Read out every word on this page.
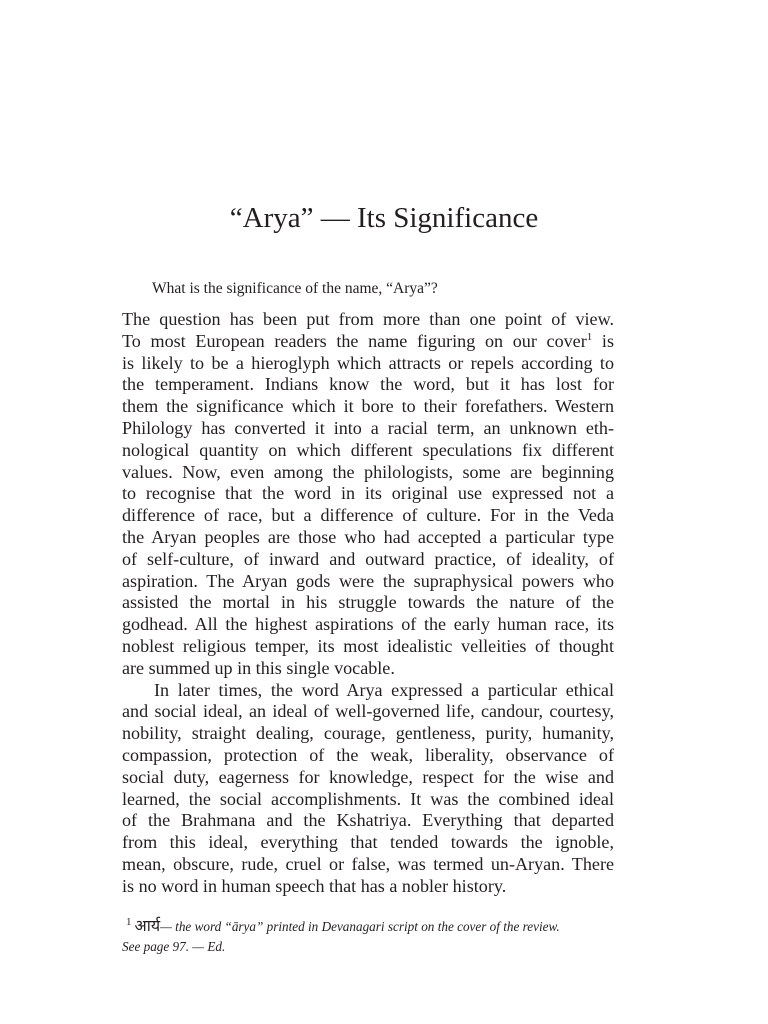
“Arya” — Its Significance

What is the significance of the name, “Arya”?

The question has been put from more than one point of view.
To most European readers the name figuring on our cover$^1$ is
is likely to be a hieroglyph which attracts or repels according to
the temperament. Indians know the word, but it has lost for
them the significance which it bore to their forefathers. Western
Philology has converted it into a racial term, an unknown eth-
nological quantity on which different speculations fix different
values. Now, even among the philologists, some are beginning
to recognise that the word in its original use expressed not a
difference of race, but a difference of culture. For in the Veda
the Aryan peoples are those who had accepted a particular type
of self-culture, of inward and outward practice, of ideality, of
aspiration. The Aryan gods were the supraphysical powers who
assisted the mortal in his struggle towards the nature of the
godhead. All the highest aspirations of the early human race, its
noblest religious temper, its most idealistic velleities of thought
are summed up in this single vocable.
In later times, the word Arya expressed a particular ethical
and social ideal, an ideal of well-governed life, candour, courtesy,
nobility, straight dealing, courage, gentleness, purity, humanity,
compassion, protection of the weak, liberality, observance of
social duty, eagerness for knowledge, respect for the wise and
learned, the social accomplishments. It was the combined ideal
of the Brahmana and the Kshatriya. Everything that departed
from this ideal, everything that tended towards the ignoble,
mean, obscure, rude, cruel or false, was termed un-Aryan. There
is no word in human speech that has a nobler history.
$^1$ आर्य— the word “ārya” printed in Devanagari script on the cover of the review.
See page 97. — Ed.
